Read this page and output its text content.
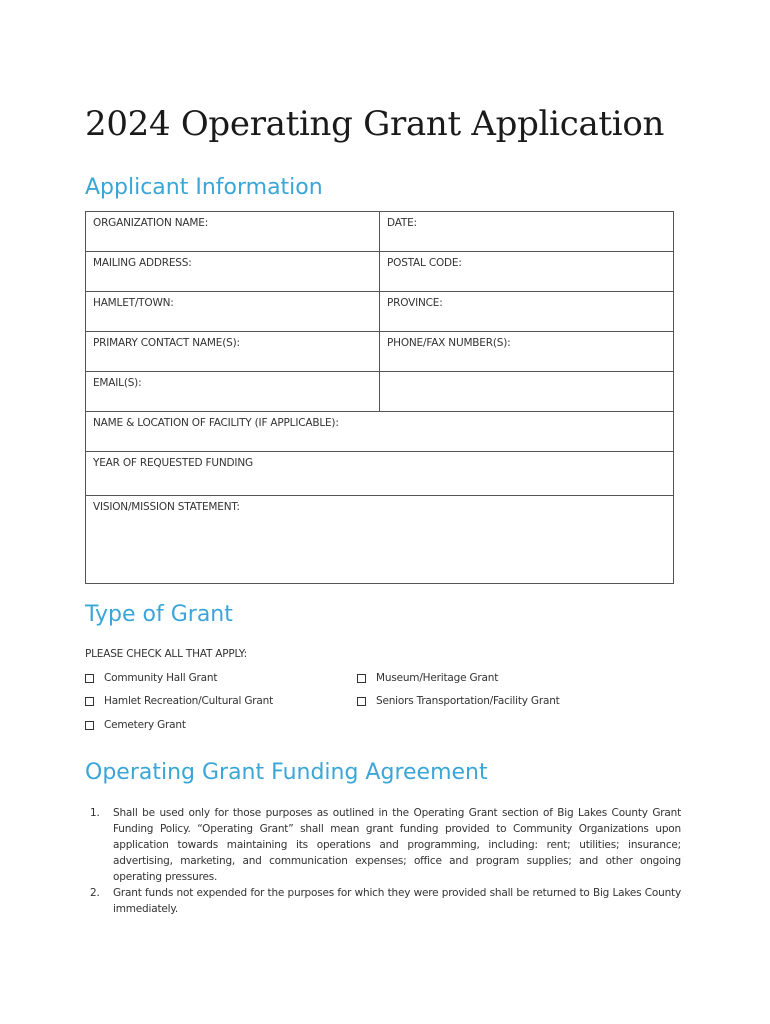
2024 Operating Grant Application
Applicant Information
ORGANIZATION NAME:	DATE:
MAILING ADDRESS:	POSTAL CODE:
HAMLET/TOWN:	PROVINCE:
PRIMARY CONTACT NAME(S):	PHONE/FAX NUMBER(S):
EMAIL(S):	
NAME & LOCATION OF FACILITY (IF APPLICABLE):	
YEAR OF REQUESTED FUNDING	
VISION/MISSION STATEMENT:	
Type of Grant
PLEASE CHECK ALL THAT APPLY:
Community Hall Grant	Museum/Heritage Grant
Hamlet Recreation/Cultural Grant	Seniors Transportation/Facility Grant
Cemetery Grant
Operating Grant Funding Agreement
1. Shall be used only for those purposes as outlined in the Operating Grant section of Big Lakes County Grant Funding Policy. “Operating Grant” shall mean grant funding provided to Community Organizations upon application towards maintaining its operations and programming, including: rent; utilities; insurance; advertising, marketing, and communication expenses; office and program supplies; and other ongoing operating pressures.
2. Grant funds not expended for the purposes for which they were provided shall be returned to Big Lakes County immediately.
